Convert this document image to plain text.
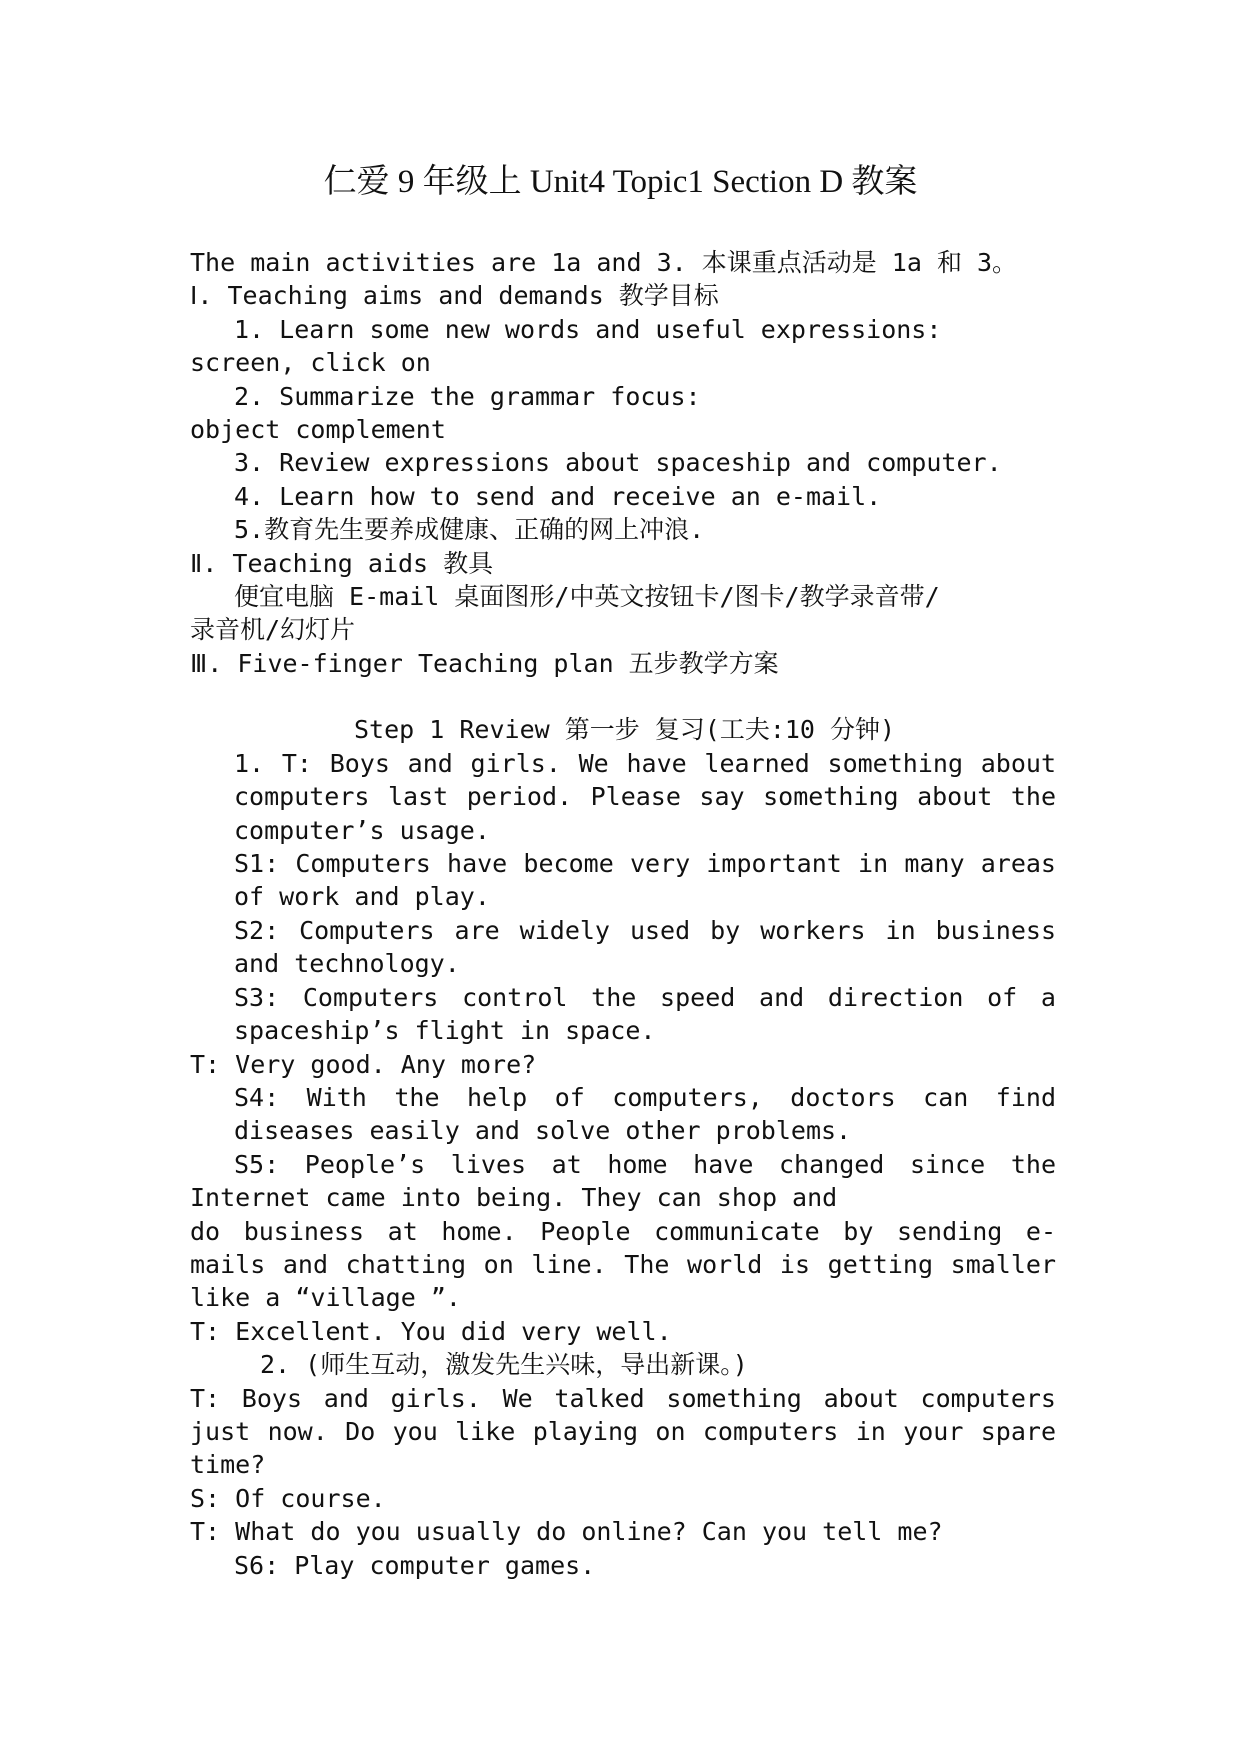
仁爱 9 年级上 Unit4 Topic1 Section D 教案
The main activities are 1a and 3. 本课重点活动是 1a 和 3。
Ⅰ. Teaching aims and demands 教学目标
1. Learn some new words and useful expressions:
screen, click on
2. Summarize the grammar focus:
object complement
3. Review expressions about spaceship and computer.
4. Learn how to send and receive an e-mail.
5.教育先生要养成健康、正确的网上冲浪.
Ⅱ. Teaching aids 教具
便宜电脑 E-mail 桌面图形/中英文按钮卡/图卡/教学录音带/
录音机/幻灯片
Ⅲ. Five-finger Teaching plan 五步教学方案
Step 1 Review 第一步 复习(工夫:10 分钟)
1. T: Boys and girls. We have learned something about computers last period. Please say something about the computer’s usage.
S1: Computers have become very important in many areas of work and play.
S2: Computers are widely used by workers in business and technology.
S3: Computers control the speed and direction of a spaceship’s flight in space.
T: Very good. Any more?
S4: With the help of computers, doctors can find diseases easily and solve other problems.
S5: People’s lives at home have changed since the
Internet came into being. They can shop and
do business at home. People communicate by sending e-mails and chatting on line. The world is getting smaller like a “village ”.
T: Excellent. You did very well.
2. (师生互动，激发先生兴味，导出新课。)
T: Boys and girls. We talked something about computers just now. Do you like playing on computers in your spare time?
S: Of course.
T: What do you usually do online? Can you tell me?
S6: Play computer games.
